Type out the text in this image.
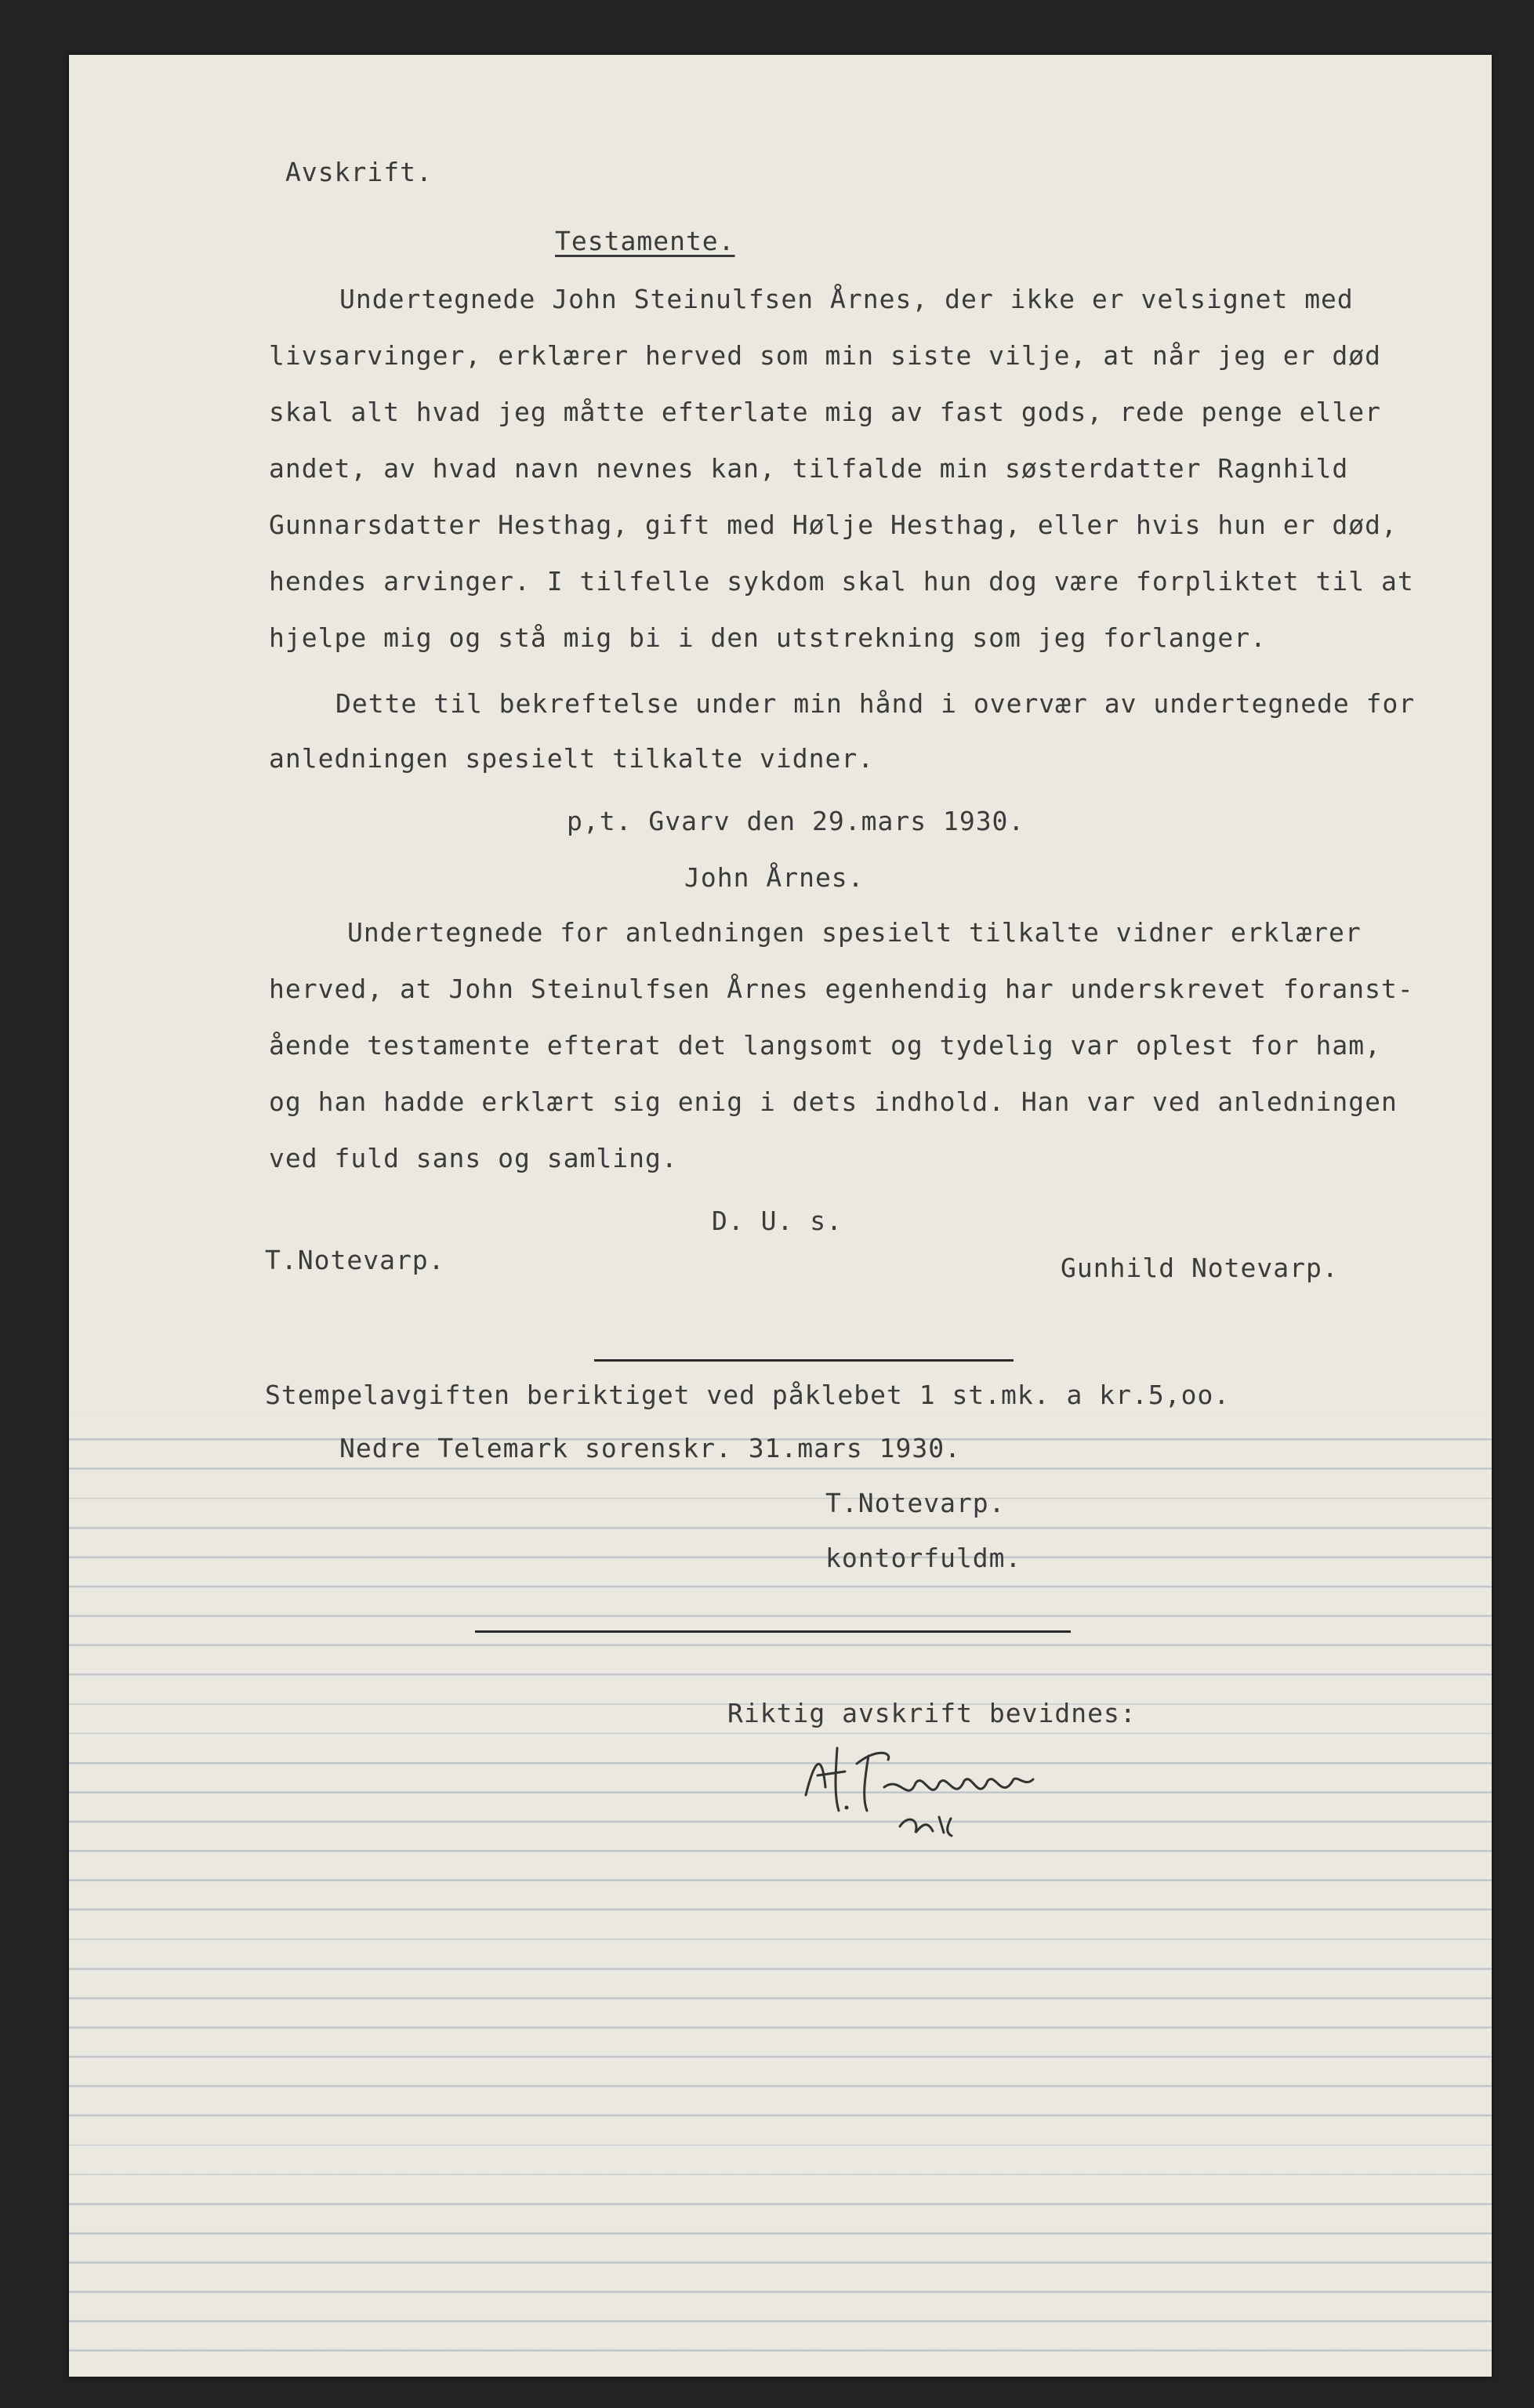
Avskrift.
Testamente.
Undertegnede John Steinulfsen Årnes, der ikke er velsignet med
livsarvinger, erklærer herved som min siste vilje, at når jeg er død
skal alt hvad jeg måtte efterlate mig av fast gods, rede penge eller
andet, av hvad navn nevnes kan, tilfalde min søsterdatter Ragnhild
Gunnarsdatter Hesthag, gift med Hølje Hesthag, eller hvis hun er død,
hendes arvinger. I tilfelle sykdom skal hun dog være forpliktet til at
hjelpe mig og stå mig bi i den utstrekning som jeg forlanger.
Dette til bekreftelse under min hånd i overvær av undertegnede for
anledningen spesielt tilkalte vidner.
p,t. Gvarv den 29.mars 1930.
John Årnes.
Undertegnede for anledningen spesielt tilkalte vidner erklærer
herved, at John Steinulfsen Årnes egenhendig har underskrevet foranst-
ående testamente efterat det langsomt og tydelig var oplest for ham,
og han hadde erklært sig enig i dets indhold. Han var ved anledningen
ved fuld sans og samling.
D. U. s.
T.Notevarp.	Gunhild Notevarp.
Stempelavgiften beriktiget ved påklebet 1 st.mk. a kr.5,oo.
Nedre Telemark sorenskr. 31.mars 1930.
T.Notevarp.
kontorfuldm.
Riktig avskrift bevidnes:
